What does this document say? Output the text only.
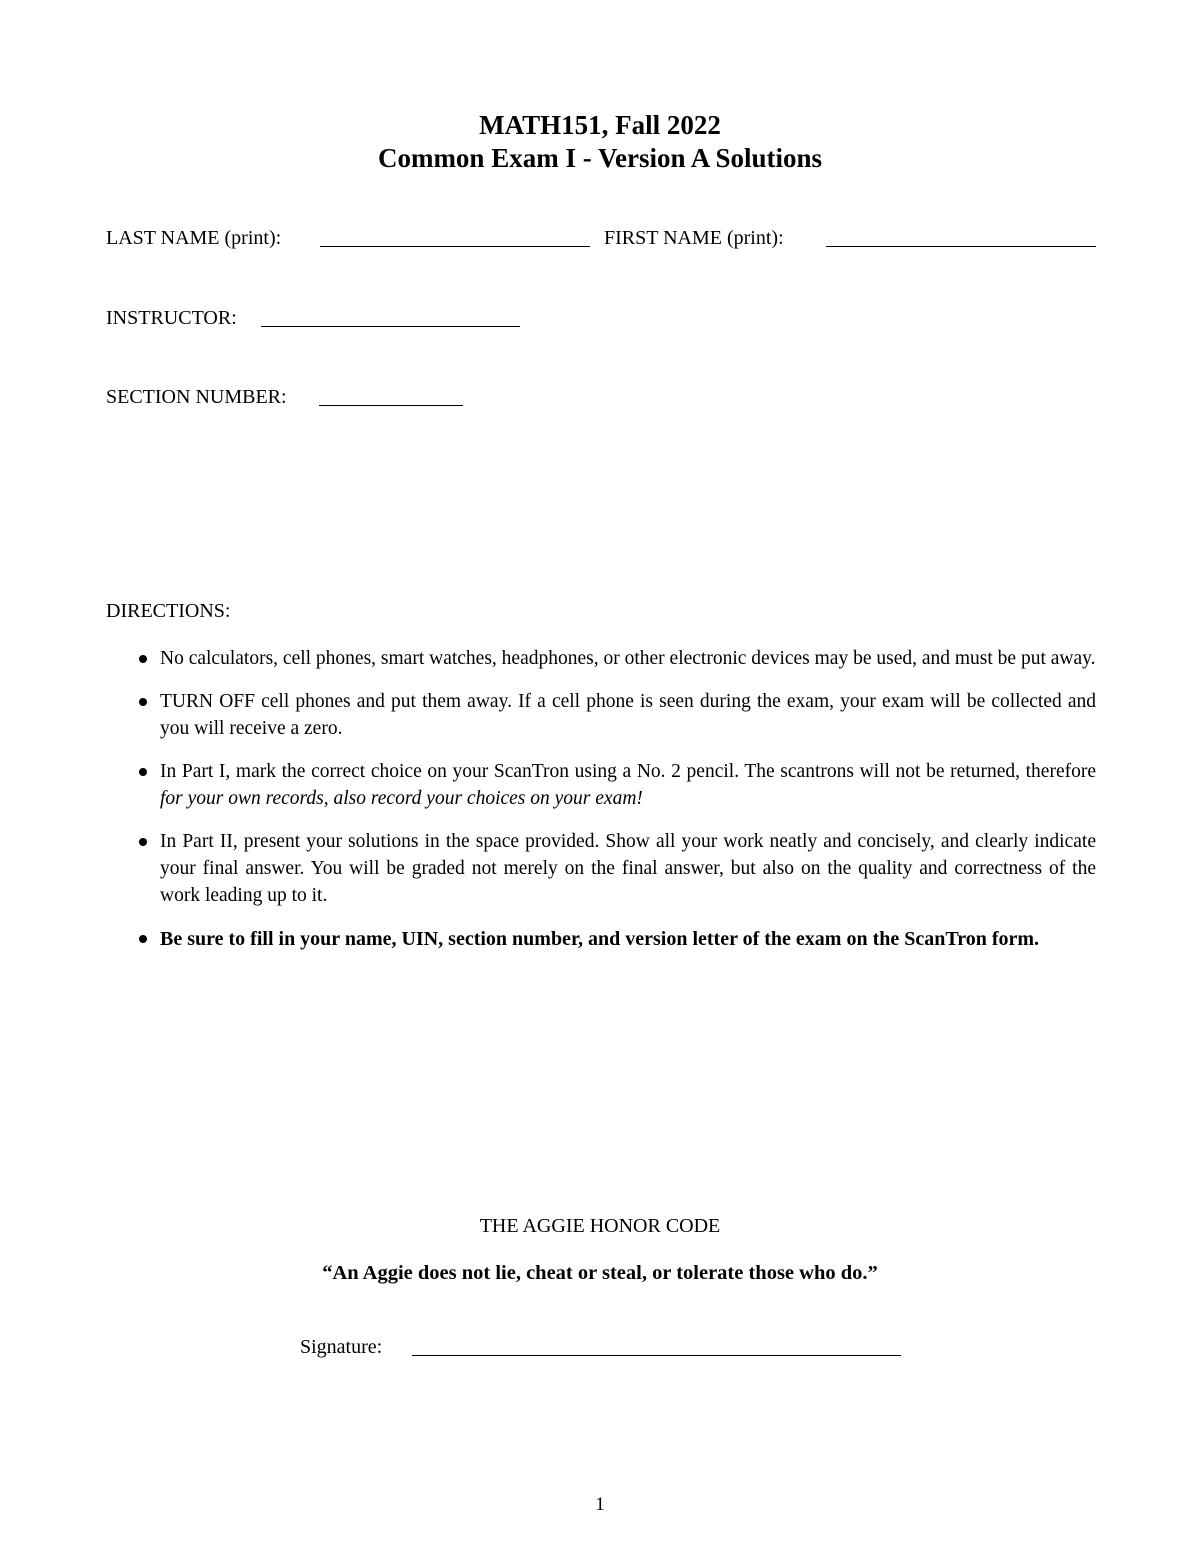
MATH151, Fall 2022
Common Exam I - Version A Solutions
LAST NAME (print):	FIRST NAME (print):
INSTRUCTOR:
SECTION NUMBER:
DIRECTIONS:
No calculators, cell phones, smart watches, headphones, or other electronic devices may be used, and must be put away.
TURN OFF cell phones and put them away. If a cell phone is seen during the exam, your exam will be collected and you will receive a zero.
In Part I, mark the correct choice on your ScanTron using a No. 2 pencil. The scantrons will not be returned, therefore for your own records, also record your choices on your exam!
In Part II, present your solutions in the space provided. Show all your work neatly and concisely, and clearly indicate your final answer. You will be graded not merely on the final answer, but also on the quality and correctness of the work leading up to it.
Be sure to fill in your name, UIN, section number, and version letter of the exam on the ScanTron form.
THE AGGIE HONOR CODE
“An Aggie does not lie, cheat or steal, or tolerate those who do.”
Signature:
1
